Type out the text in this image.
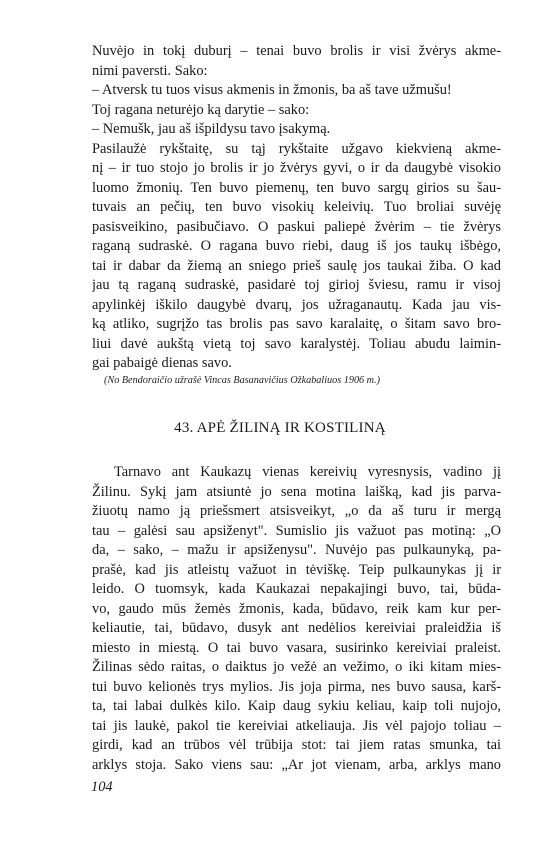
Nuvėjo in tokį duburį – tenai buvo brolis ir visi žvėrys akme-
nimi paversti. Sako:
– Atversk tu tuos visus akmenis in žmonis, ba aš tave užmušu!
Toj ragana neturėjo ką darytie – sako:
– Nemušk, jau aš išpildysu tavo įsakymą.
Pasilaužė rykštaitę, su tąj rykštaite užgavo kiekvieną akme-
nį – ir tuo stojo jo brolis ir jo žvėrys gyvi, o ir da daugybė visokio
luomo žmonių. Ten buvo piemenų, ten buvo sargų girios su šau-
tuvais an pečių, ten buvo visokių keleivių. Tuo broliai suvėję
pasisveikino, pasibučiavo. O paskui paliepė žvėrim – tie žvėrys
raganą sudraskė. O ragana buvo riebi, daug iš jos taukų išbėgo,
tai ir dabar da žiemą an sniego prieš saulę jos taukai žiba. O kad
jau tą raganą sudraskė, pasidarė toj girioj šviesu, ramu ir visoj
apylinkėj iškilo daugybė dvarų, jos užraganautų. Kada jau vis-
ką atliko, sugrįžo tas brolis pas savo karalaitę, o šitam savo bro-
liui davė aukštą vietą toj savo karalystėj. Toliau abudu laimin-
gai pabaigė dienas savo.
(No Bendoraičio užrašė Vincas Basanavičius Ožkabaliuos 1906 m.)
43. APĖ ŽILINĄ IR KOSTILINĄ
Tarnavo ant Kaukazų vienas kereivių vyresnysis, vadino jį
Žilinu. Sykį jam atsiuntė jo sena motina laišką, kad jis parva-
žiuotų namo ją priešsmert atsisveikyt, „o da aš turu ir mergą
tau – galėsi sau apsiženyt". Sumislio jis važuot pas motiną: „O
da, – sako, – mažu ir apsiženysu". Nuvėjo pas pulkaunyką, pa-
prašė, kad jis atleistų važuot in tėviškę. Teip pulkaunykas jį ir
leido. O tuomsyk, kada Kaukazai nepakajingi buvo, tai, būda-
vo, gaudo mūs žemės žmonis, kada, būdavo, reik kam kur per-
keliautie, tai, būdavo, dusyk ant nedėlios kereiviai praleidžia iš
miesto in miestą. O tai buvo vasara, susirinko kereiviai praleist.
Žilinas sėdo raitas, o daiktus jo vežė an vežimo, o iki kitam mies-
tui buvo kelionės trys mylios. Jis joja pirma, nes buvo sausa, karš-
ta, tai labai dulkės kilo. Kaip daug sykiu keliau, kaip toli nujojo,
tai jis laukė, pakol tie kereiviai atkeliauja. Jis vėl pajojo toliau –
girdi, kad an trūbos vėl trūbija stot: tai jiem ratas smunka, tai
arklys stoja. Sako viens sau: „Ar jot vienam, arba, arklys mano
104
